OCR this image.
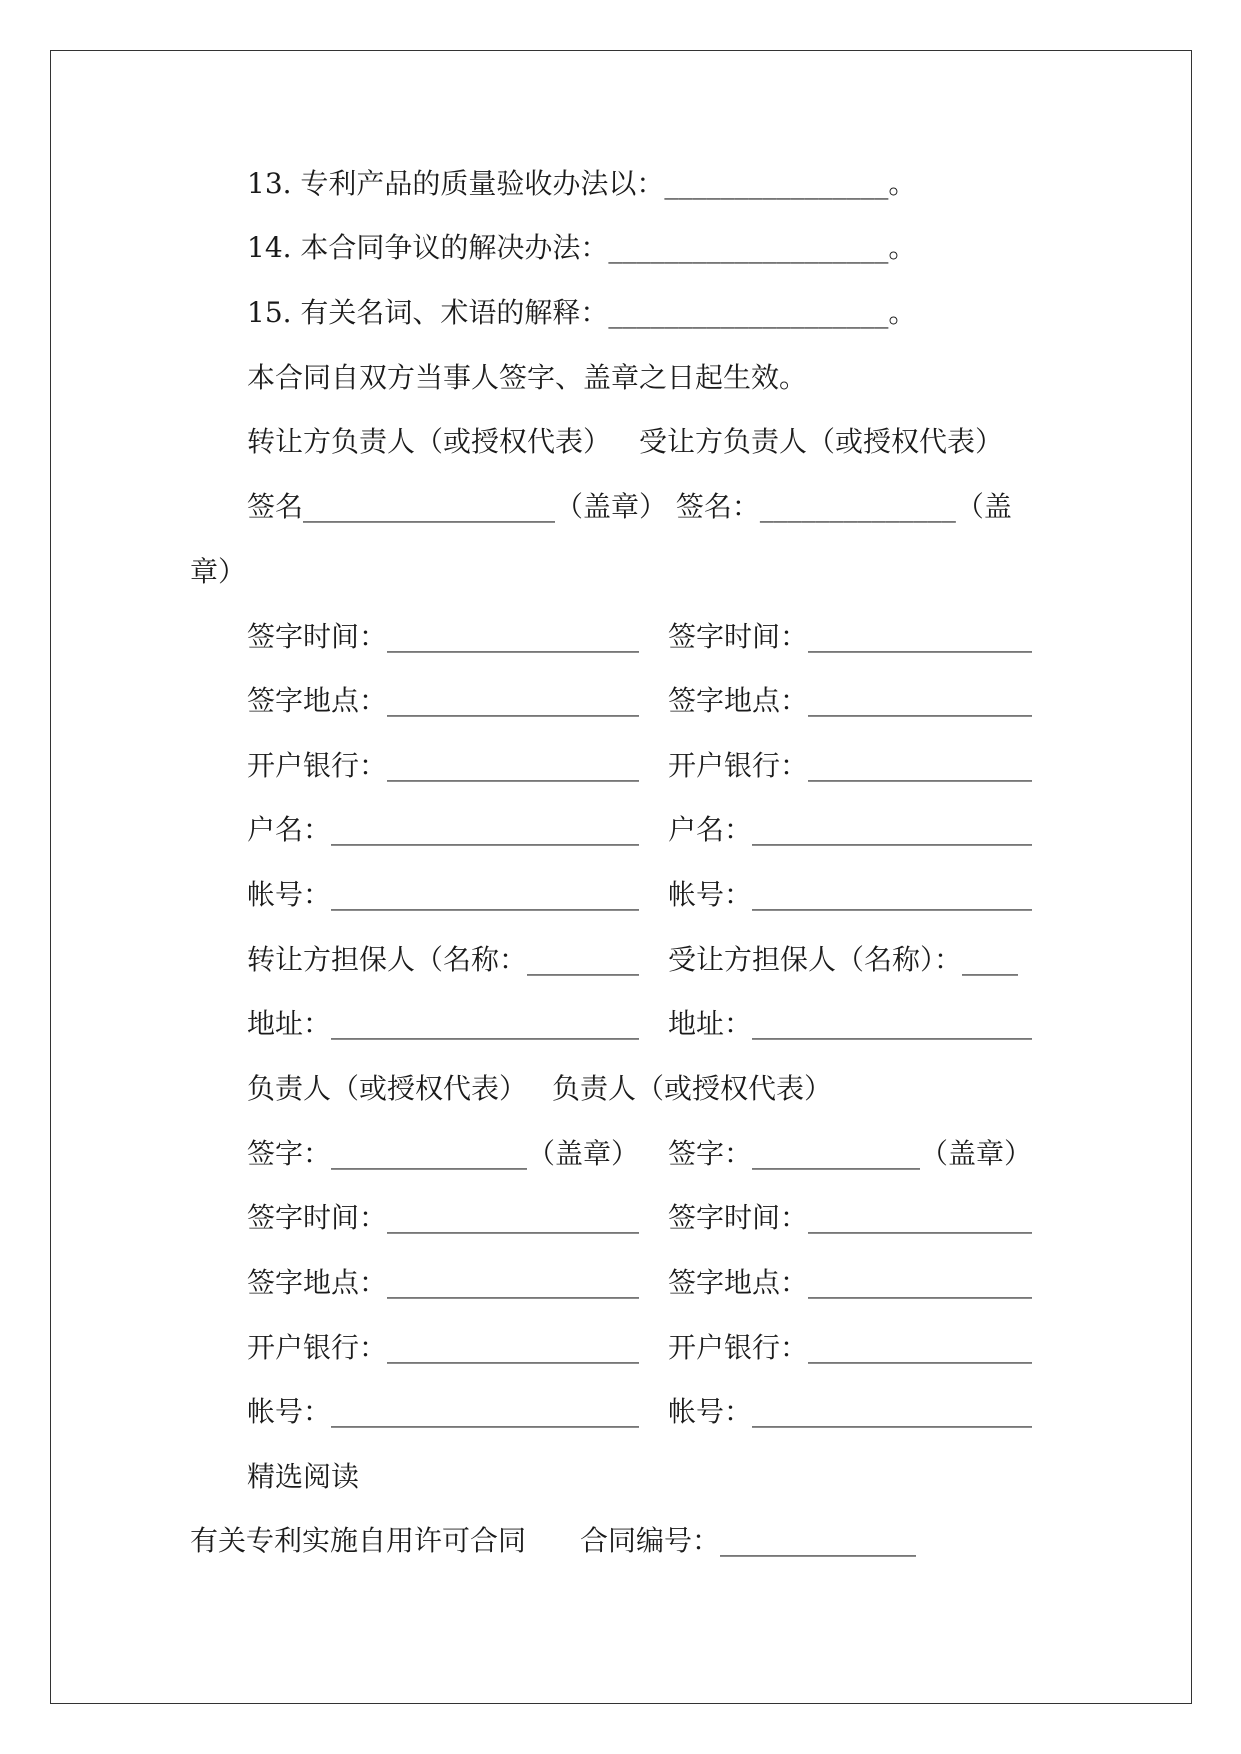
13. 专利产品的质量验收办法以：________________。
14. 本合同争议的解决办法：____________________。
15. 有关名词、术语的解释：____________________。
本合同自双方当事人签字、盖章之日起生效。
转让方负责人（或授权代表） 受让方负责人（或授权代表）
签名__________________（盖章） 签名：______________（盖
章）
签字时间：__________________ 签字时间：________________
签字地点：__________________ 签字地点：________________
开户银行：__________________ 开户银行：________________
户名：______________________ 户名：____________________
帐号：______________________ 帐号：____________________
转让方担保人（名称：________ 受让方担保人（名称）：____
地址：______________________ 地址：____________________
负责人（或授权代表） 负责人（或授权代表）
签字：______________（盖章） 签字：____________（盖章）
签字时间：__________________ 签字时间：________________
签字地点：__________________ 签字地点：________________
开户银行：__________________ 开户银行：________________
帐号：______________________ 帐号：____________________
精选阅读
有关专利实施自用许可合同 合同编号：______________
